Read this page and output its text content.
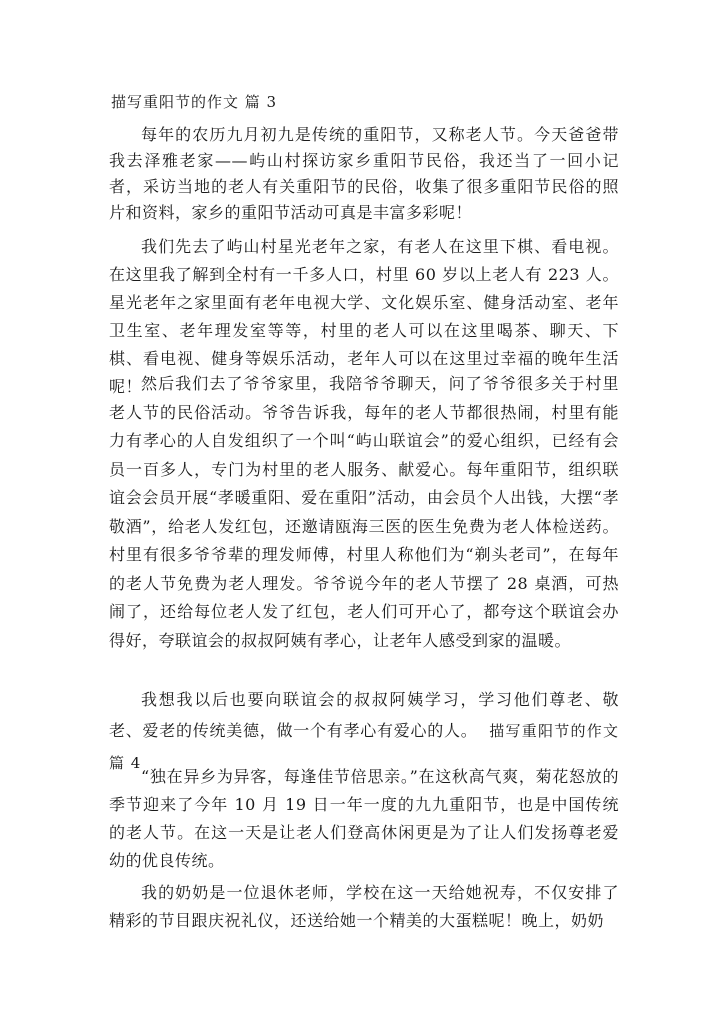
描写重阳节的作文 篇 3

每年的农历九月初九是传统的重阳节，又称老人节。今天爸爸带我去泽雅老家——屿山村探访家乡重阳节民俗，我还当了一回小记者，采访当地的老人有关重阳节的民俗，收集了很多重阳节民俗的照片和资料，家乡的重阳节活动可真是丰富多彩呢！

我们先去了屿山村星光老年之家，有老人在这里下棋、看电视。在这里我了解到全村有一千多人口，村里 60 岁以上老人有 223 人。星光老年之家里面有老年电视大学、文化娱乐室、健身活动室、老年卫生室、老年理发室等等，村里的老人可以在这里喝茶、聊天、下棋、看电视、健身等娱乐活动，老年人可以在这里过幸福的晚年生活呢！

然后我们去了爷爷家里，我陪爷爷聊天，问了爷爷很多关于村里老人节的民俗活动。爷爷告诉我，每年的老人节都很热闹，村里有能力有孝心的人自发组织了一个叫“屿山联谊会”的爱心组织，已经有会员一百多人，专门为村里的老人服务、献爱心。每年重阳节，组织联谊会会员开展“孝暖重阳、爱在重阳”活动，由会员个人出钱，大摆“孝敬酒”，给老人发红包，还邀请瓯海三医的医生免费为老人体检送药。村里有很多爷爷辈的理发师傅，村里人称他们为“剃头老司”，在每年的老人节免费为老人理发。爷爷说今年的老人节摆了 28 桌酒，可热闹了，还给每位老人发了红包，老人们可开心了，都夸这个联谊会办得好，夸联谊会的叔叔阿姨有孝心，让老年人感受到家的温暖。

我想我以后也要向联谊会的叔叔阿姨学习，学习他们尊老、敬老、爱老的传统美德，做一个有孝心有爱心的人。 描写重阳节的作文 篇 4

“独在异乡为异客，每逢佳节倍思亲。”在这秋高气爽，菊花怒放的季节迎来了今年 10 月 19 日一年一度的九九重阳节，也是中国传统的老人节。在这一天是让老人们登高休闲更是为了让人们发扬尊老爱幼的优良传统。

我的奶奶是一位退休老师，学校在这一天给她祝寿，不仅安排了精彩的节目跟庆祝礼仪，还送给她一个精美的大蛋糕呢！晚上，奶奶
